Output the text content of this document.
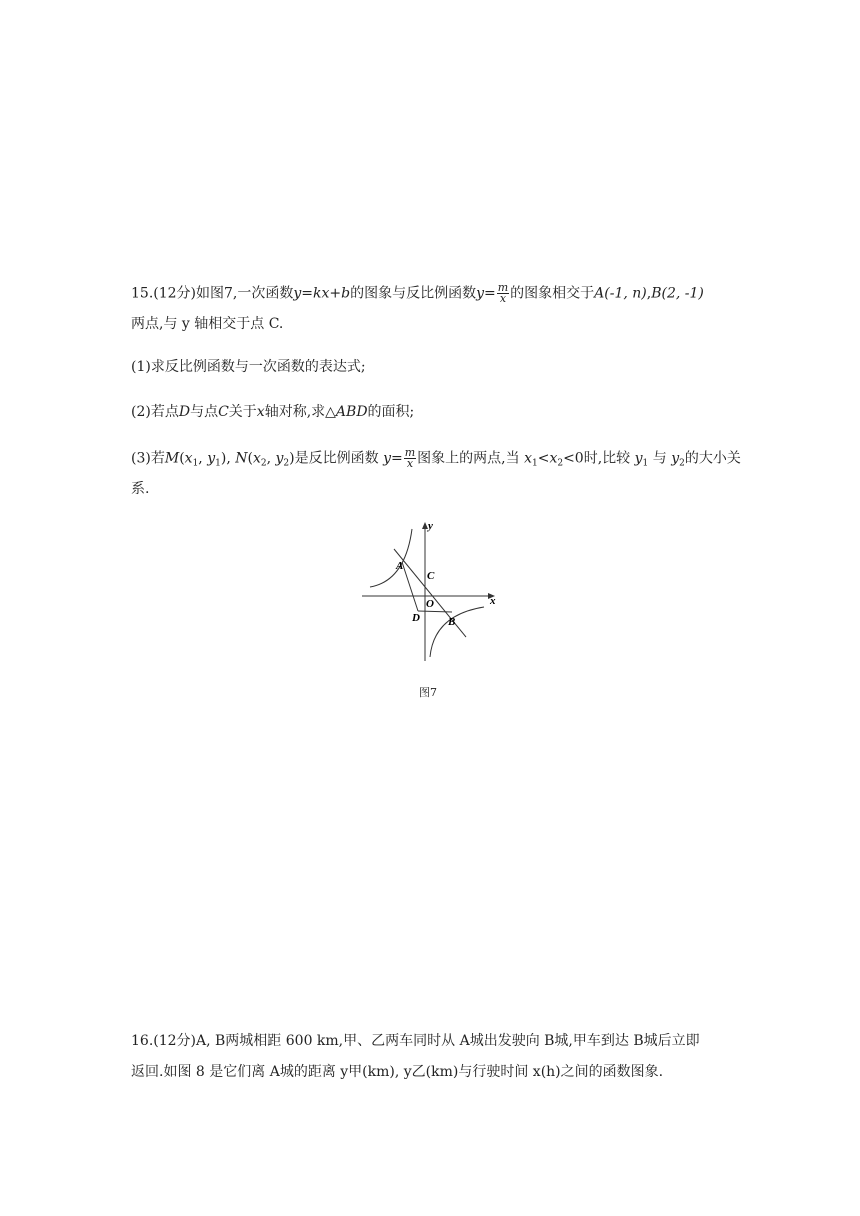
15.(12分)如图7,一次函数y=kx+b的图象与反比例函数$y= \frac{m}{x}$ 的图象相交于A(-1, n),B(2, -1)
两点,与 y 轴相交于点 C.
(1)求反比例函数与一次函数的表达式;
(2)若点D与点C关于x轴对称,求△ABD的面积;
(3)若$M(x_1$, $y_1$), $N(x_2$, $y_2$)是反比例函数 $y= \frac{m}{x}$ 图象上的两点,当 $x_1<x_2<0$时,比较 $y_1$ 与 $y_2$的大小关
系.
y
x
A
C
O
D	B
图7
16.(12分)A, B两城相距 600 km,甲、乙两车同时从 A城出发驶向 B城,甲车到达 B城后立即
返回.如图 8 是它们离 A城的距离 y甲(km), y乙(km)与行驶时间 x(h)之间的函数图象.
